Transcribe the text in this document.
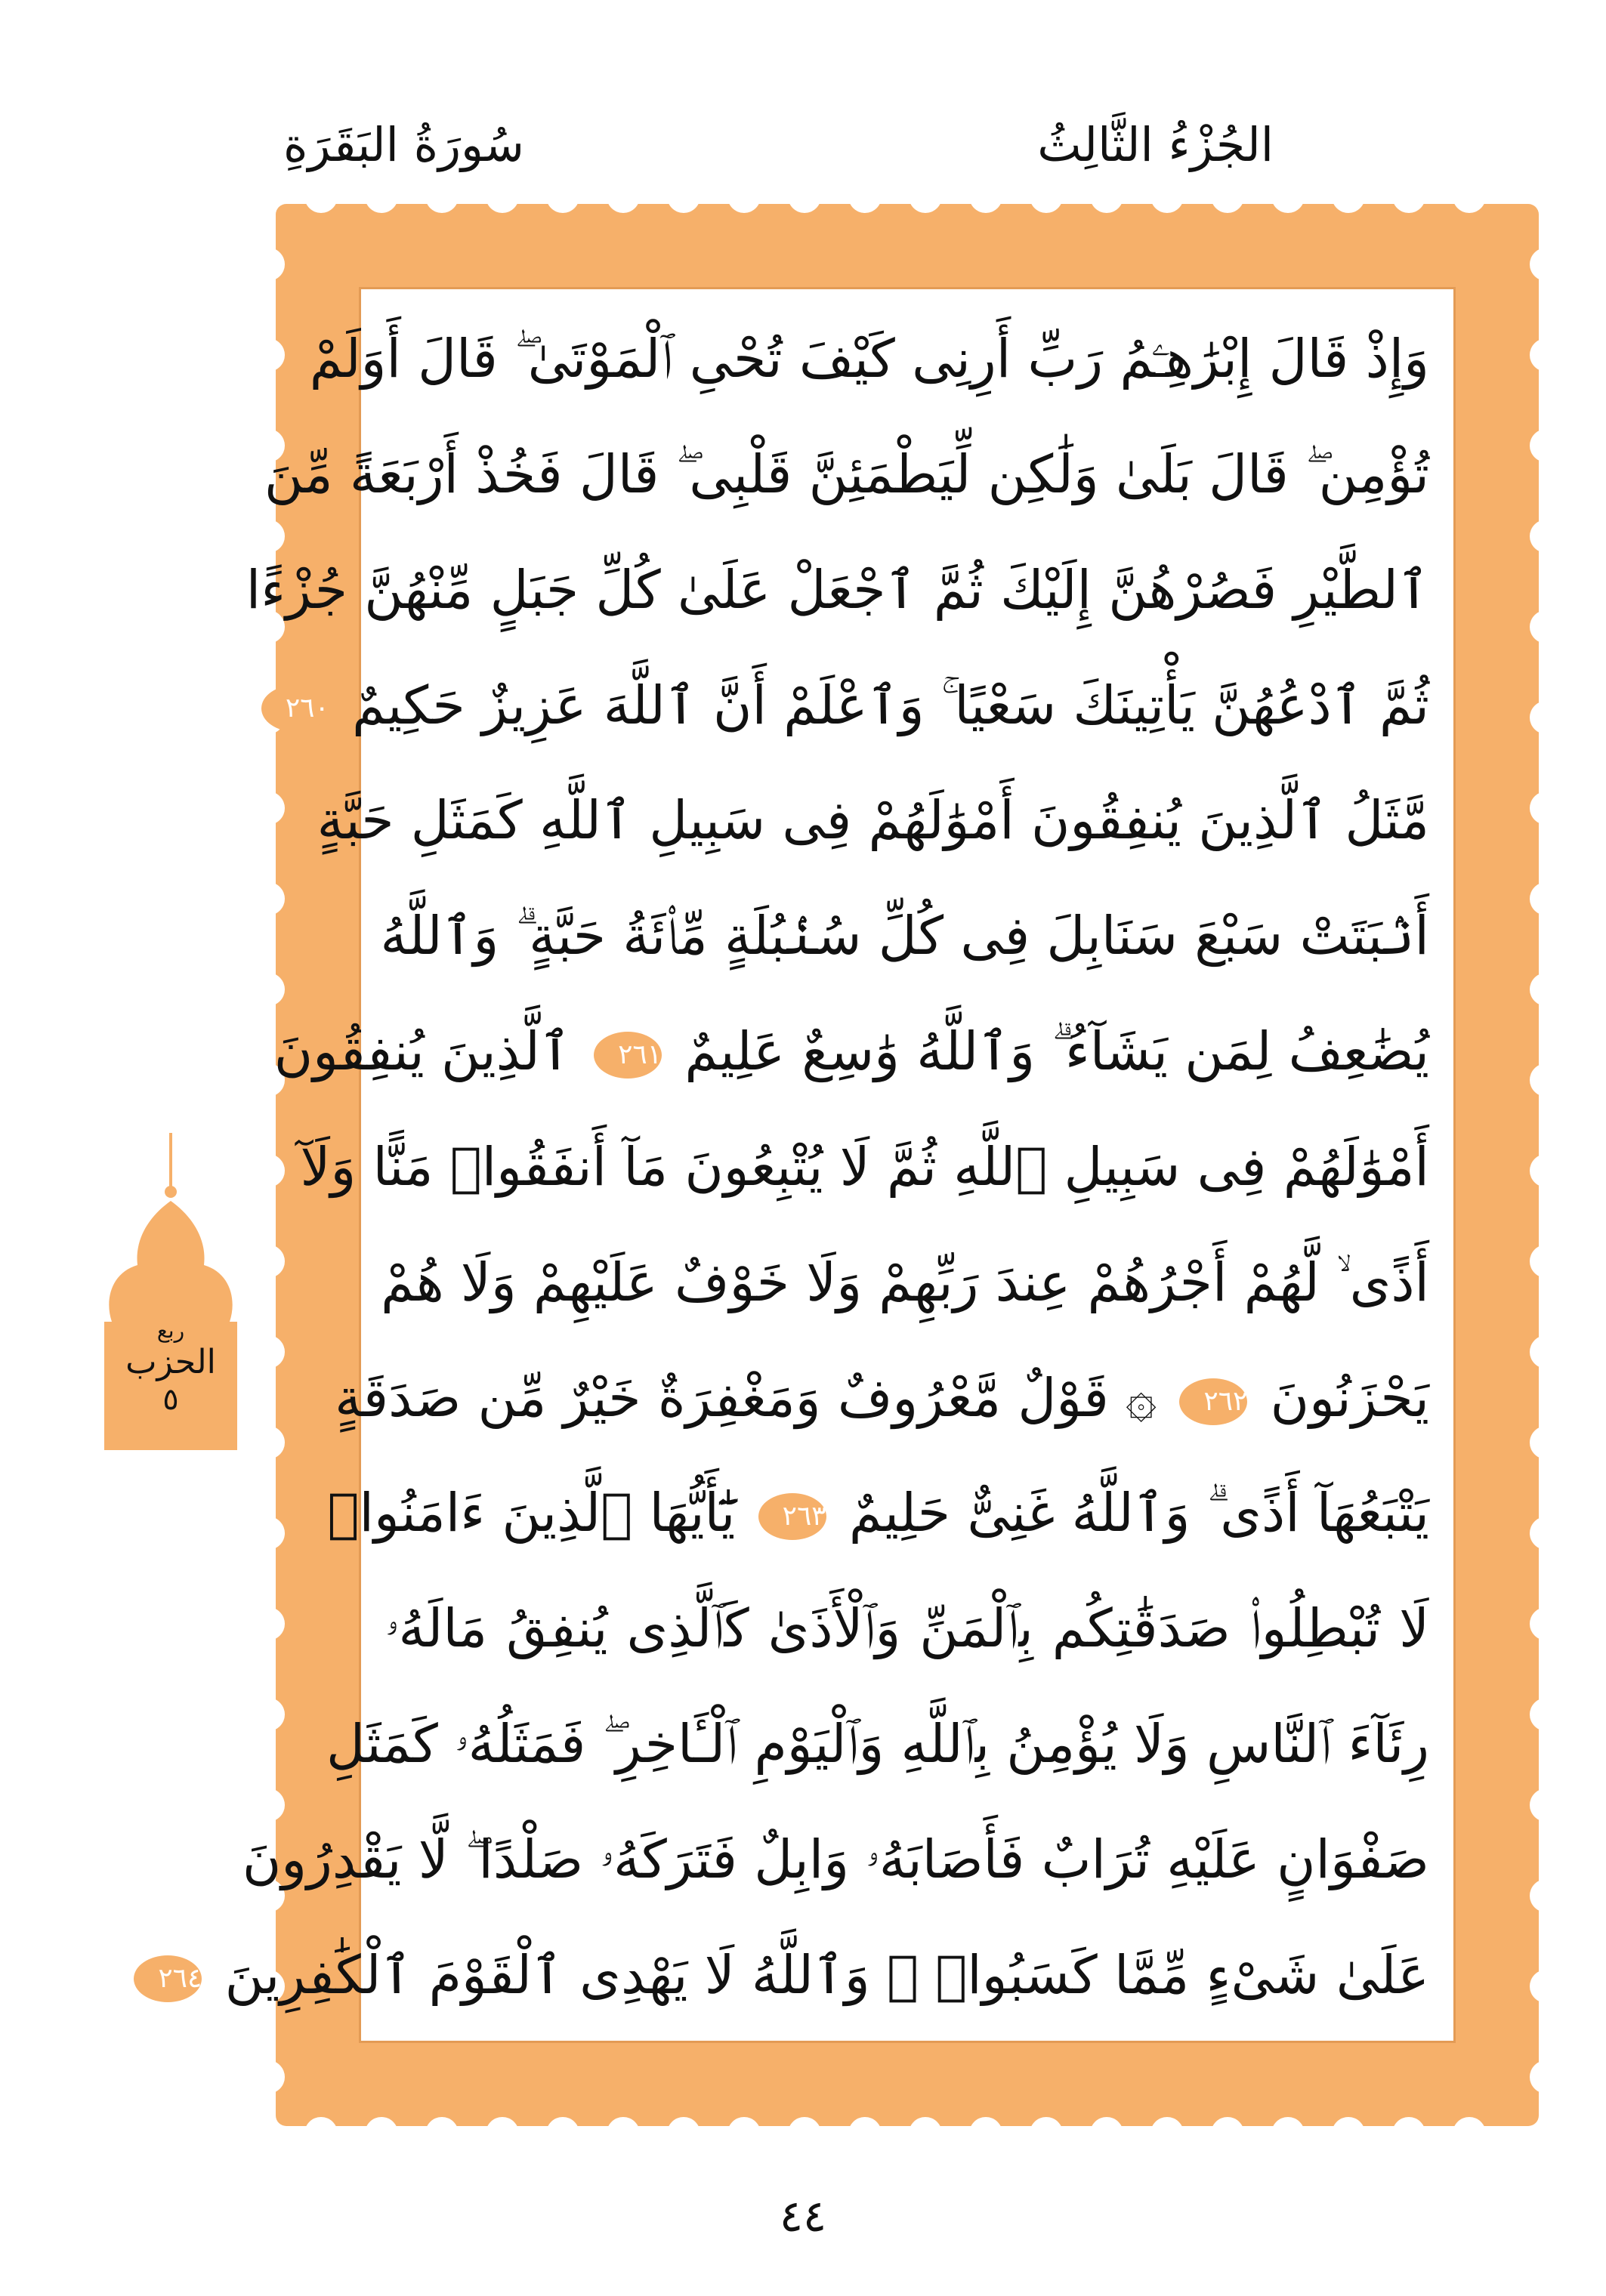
الجُزْءُ الثَّالِثُ
سُورَةُ البَقَرَةِ
وَإِذْ قَالَ إِبْرَٰهِـۧمُ رَبِّ أَرِنِى كَيْفَ تُحْىِ ٱلْمَوْتَىٰ ۖ قَالَ أَوَلَمْ
تُؤْمِن ۖ قَالَ بَلَىٰ وَلَٰكِن لِّيَطْمَئِنَّ قَلْبِى ۖ قَالَ فَخُذْ أَرْبَعَةً مِّنَ
ٱلطَّيْرِ فَصُرْهُنَّ إِلَيْكَ ثُمَّ ٱجْعَلْ عَلَىٰ كُلِّ جَبَلٍ مِّنْهُنَّ جُزْءًا
ثُمَّ ٱدْعُهُنَّ يَأْتِينَكَ سَعْيًا ۚ وَٱعْلَمْ أَنَّ ٱللَّهَ عَزِيزٌ حَكِيمٌ ٢٦٠
مَّثَلُ ٱلَّذِينَ يُنفِقُونَ أَمْوَٰلَهُمْ فِى سَبِيلِ ٱللَّهِ كَمَثَلِ حَبَّةٍ
أَنۢبَتَتْ سَبْعَ سَنَابِلَ فِى كُلِّ سُنۢبُلَةٍ مِّا۟ئَةُ حَبَّةٍ ۗ وَٱللَّهُ
يُضَٰعِفُ لِمَن يَشَآءُ ۗ وَٱللَّهُ وَٰسِعٌ عَلِيمٌ ٢٦١ ٱلَّذِينَ يُنفِقُونَ
أَمْوَٰلَهُمْ فِى سَبِيلِ ٱللَّهِ ثُمَّ لَا يُتْبِعُونَ مَآ أَنفَقُوا۟ مَنًّا وَلَآ
أَذًى ۙ لَّهُمْ أَجْرُهُمْ عِندَ رَبِّهِمْ وَلَا خَوْفٌ عَلَيْهِمْ وَلَا هُمْ
يَحْزَنُونَ ٢٦٢ ۞ قَوْلٌ مَّعْرُوفٌ وَمَغْفِرَةٌ خَيْرٌ مِّن صَدَقَةٍ
يَتْبَعُهَآ أَذًى ۗ وَٱللَّهُ غَنِىٌّ حَلِيمٌ ٢٦٣ يَٰٓأَيُّهَا ٱلَّذِينَ ءَامَنُوا۟
لَا تُبْطِلُوا۟ صَدَقَٰتِكُم بِٱلْمَنِّ وَٱلْأَذَىٰ كَٱلَّذِى يُنفِقُ مَالَهُۥ
رِئَآءَ ٱلنَّاسِ وَلَا يُؤْمِنُ بِٱللَّهِ وَٱلْيَوْمِ ٱلْـَٔاخِرِ ۖ فَمَثَلُهُۥ كَمَثَلِ
صَفْوَانٍ عَلَيْهِ تُرَابٌ فَأَصَابَهُۥ وَابِلٌ فَتَرَكَهُۥ صَلْدًا ۖ لَّا يَقْدِرُونَ
عَلَىٰ شَىْءٍ مِّمَّا كَسَبُوا۟ ۗ وَٱللَّهُ لَا يَهْدِى ٱلْقَوْمَ ٱلْكَٰفِرِينَ ٢٦٤
ربع
الحزب
٥
٤٤
